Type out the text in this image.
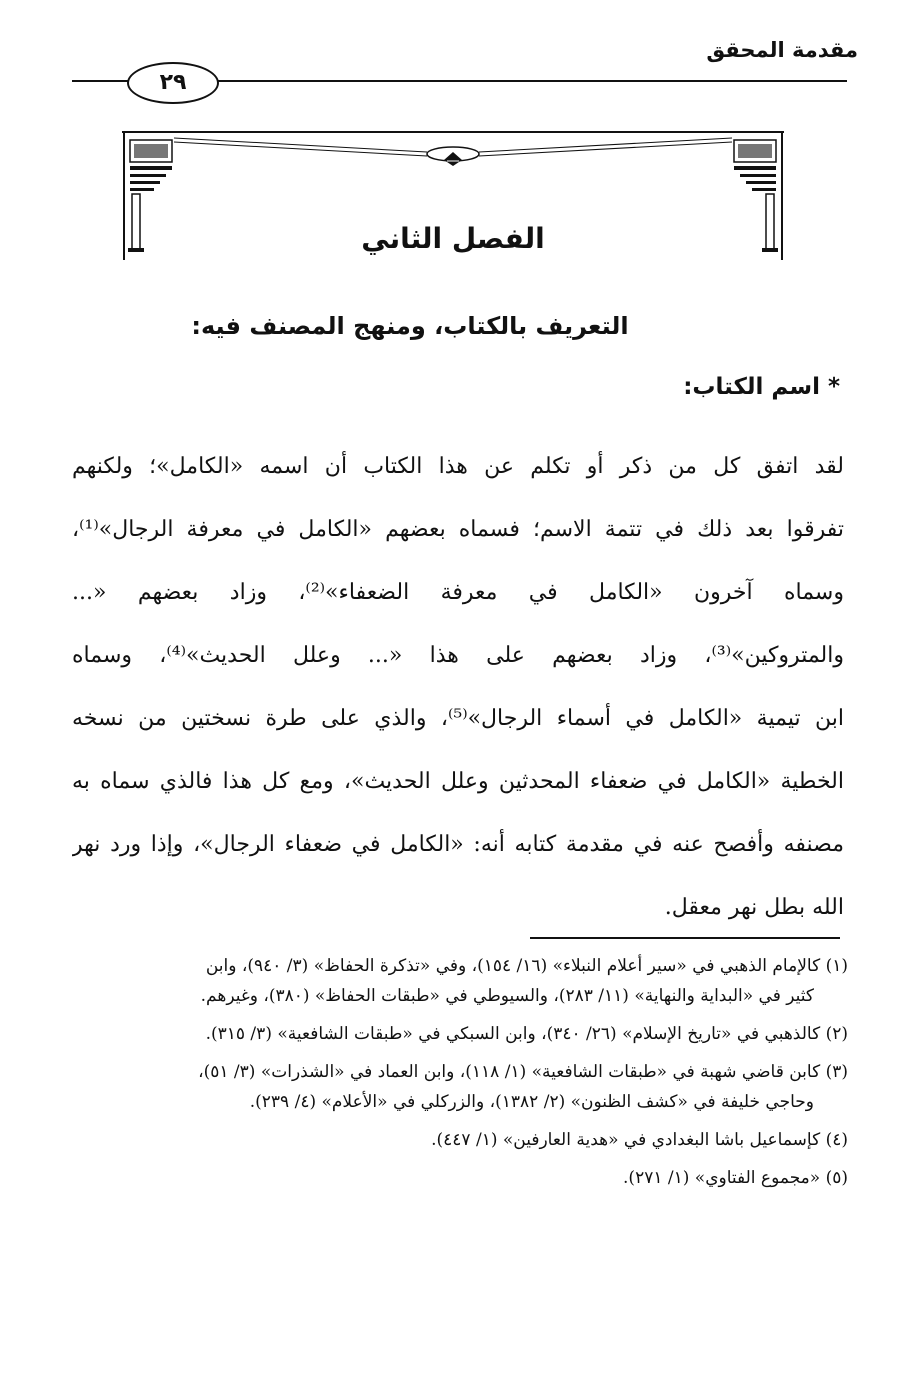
مقدمة المحقق
٢٩
الفصل الثاني
التعريف بالكتاب، ومنهج المصنف فيه:
* اسم الكتاب:
لقد اتفق كل من ذكر أو تكلم عن هذا الكتاب أن اسمه «الكامل»؛ ولكنهم
تفرقوا بعد ذلك في تتمة الاسم؛ فسماه بعضهم «الكامل في معرفة الرجال»⁽¹⁾،
وسماه آخرون «الكامل في معرفة الضعفاء»⁽²⁾، وزاد بعضهم «...
والمتروكين»⁽³⁾، وزاد بعضهم على هذا «... وعلل الحديث»⁽⁴⁾، وسماه
ابن تيمية «الكامل في أسماء الرجال»⁽⁵⁾، والذي على طرة نسختين من نسخه
الخطية «الكامل في ضعفاء المحدثين وعلل الحديث»، ومع كل هذا فالذي سماه به
مصنفه وأفصح عنه في مقدمة كتابه أنه: «الكامل في ضعفاء الرجال»، وإذا ورد نهر
الله بطل نهر معقل.
(١) كالإمام الذهبي في «سير أعلام النبلاء» (١٦/ ١٥٤)، وفي «تذكرة الحفاظ» (٣/ ٩٤٠)، وابن
كثير في «البداية والنهاية» (١١/ ٢٨٣)، والسيوطي في «طبقات الحفاظ» (٣٨٠)، وغيرهم.
(٢) كالذهبي في «تاريخ الإسلام» (٢٦/ ٣٤٠)، وابن السبكي في «طبقات الشافعية» (٣/ ٣١٥).
(٣) كابن قاضي شهبة في «طبقات الشافعية» (١/ ١١٨)، وابن العماد في «الشذرات» (٣/ ٥١)،
وحاجي خليفة في «كشف الظنون» (٢/ ١٣٨٢)، والزركلي في «الأعلام» (٤/ ٢٣٩).
(٤) كإسماعيل باشا البغدادي في «هدية العارفين» (١/ ٤٤٧).
(٥) «مجموع الفتاوي» (١/ ٢٧١).
